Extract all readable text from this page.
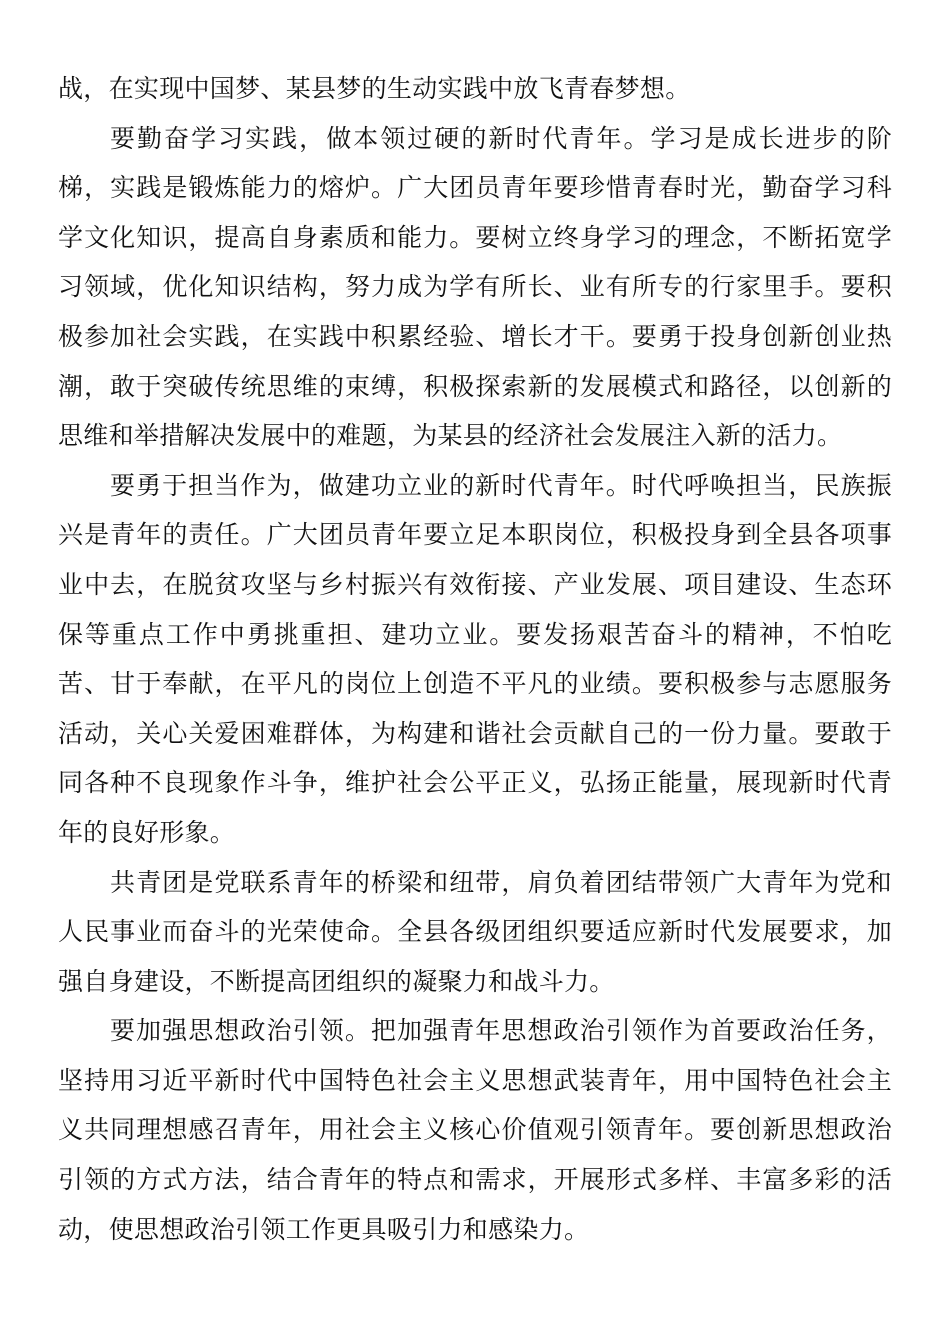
战，在实现中国梦、某县梦的生动实践中放飞青春梦想。

要勤奋学习实践，做本领过硬的新时代青年。学习是成长进步的阶梯，实践是锻炼能力的熔炉。广大团员青年要珍惜青春时光，勤奋学习科学文化知识，提高自身素质和能力。要树立终身学习的理念，不断拓宽学习领域，优化知识结构，努力成为学有所长、业有所专的行家里手。要积极参加社会实践，在实践中积累经验、增长才干。要勇于投身创新创业热潮，敢于突破传统思维的束缚，积极探索新的发展模式和路径，以创新的思维和举措解决发展中的难题，为某县的经济社会发展注入新的活力。

要勇于担当作为，做建功立业的新时代青年。时代呼唤担当，民族振兴是青年的责任。广大团员青年要立足本职岗位，积极投身到全县各项事业中去，在脱贫攻坚与乡村振兴有效衔接、产业发展、项目建设、生态环保等重点工作中勇挑重担、建功立业。要发扬艰苦奋斗的精神，不怕吃苦、甘于奉献，在平凡的岗位上创造不平凡的业绩。要积极参与志愿服务活动，关心关爱困难群体，为构建和谐社会贡献自己的一份力量。要敢于同各种不良现象作斗争，维护社会公平正义，弘扬正能量，展现新时代青年的良好形象。

共青团是党联系青年的桥梁和纽带，肩负着团结带领广大青年为党和人民事业而奋斗的光荣使命。全县各级团组织要适应新时代发展要求，加强自身建设，不断提高团组织的凝聚力和战斗力。

要加强思想政治引领。把加强青年思想政治引领作为首要政治任务，坚持用习近平新时代中国特色社会主义思想武装青年，用中国特色社会主义共同理想感召青年，用社会主义核心价值观引领青年。要创新思想政治引领的方式方法，结合青年的特点和需求，开展形式多样、丰富多彩的活动，使思想政治引领工作更具吸引力和感染力。
